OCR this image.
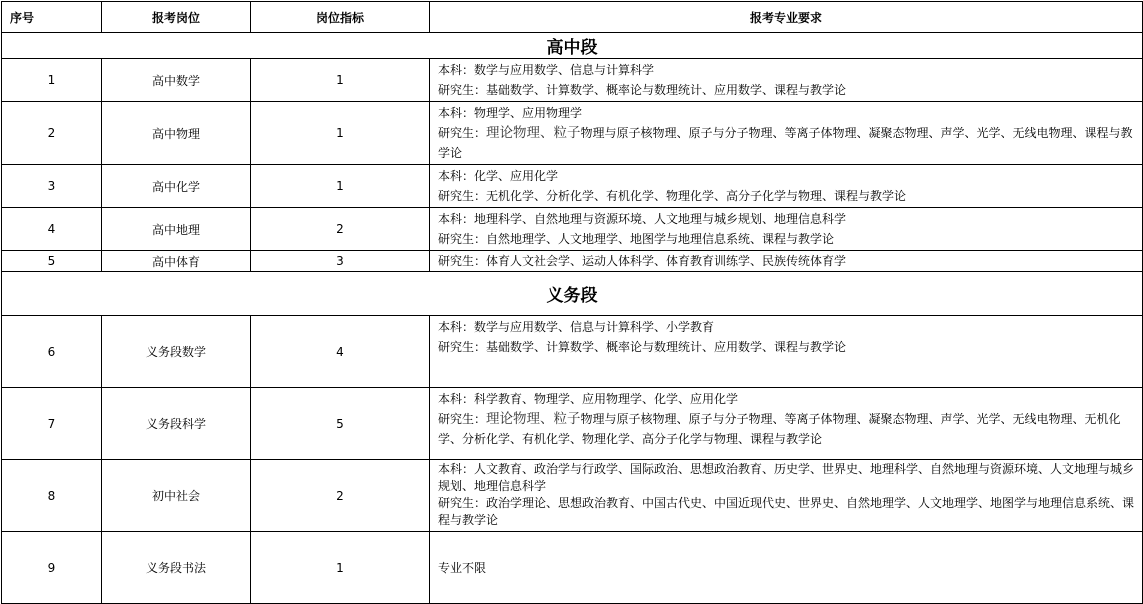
序号	报考岗位	岗位指标	报考专业要求
高中段			
1	高中数学	1	本科：数学与应用数学、信息与计算科学
研究生：基础数学、计算数学、概率论与数理统计、应用数学、课程与教学论

2	高中物理	1	本科：物理学、应用物理学
研究生：理论物理、粒子物理与原子核物理、原子与分子物理、等离子体物理、凝聚态物理、声学、光学、无线电物理、课程与教学论

3	高中化学	1	本科：化学、应用化学
研究生：无机化学、分析化学、有机化学、物理化学、高分子化学与物理、课程与教学论

4	高中地理	2	本科：地理科学、自然地理与资源环境、人文地理与城乡规划、地理信息科学
研究生：自然地理学、人文地理学、地图学与地理信息系统、课程与教学论

5	高中体育	3	研究生：体育人文社会学、运动人体科学、体育教育训练学、民族传统体育学

义务段			
6	义务段数学	4	本科：数学与应用数学、信息与计算科学、小学教育
研究生：基础数学、计算数学、概率论与数理统计、应用数学、课程与教学论

7	义务段科学	5	本科：科学教育、物理学、应用物理学、化学、应用化学
研究生：理论物理、粒子物理与原子核物理、原子与分子物理、等离子体物理、凝聚态物理、声学、光学、无线电物理、无机化学、分析化学、有机化学、物理化学、高分子化学与物理、课程与教学论

8	初中社会	2	本科：人文教育、政治学与行政学、国际政治、思想政治教育、历史学、世界史、地理科学、自然地理与资源环境、人文地理与城乡规划、地理信息科学
研究生：政治学理论、思想政治教育、中国古代史、中国近现代史、世界史、自然地理学、人文地理学、地图学与地理信息系统、课程与教学论

9	义务段书法	1	专业不限
